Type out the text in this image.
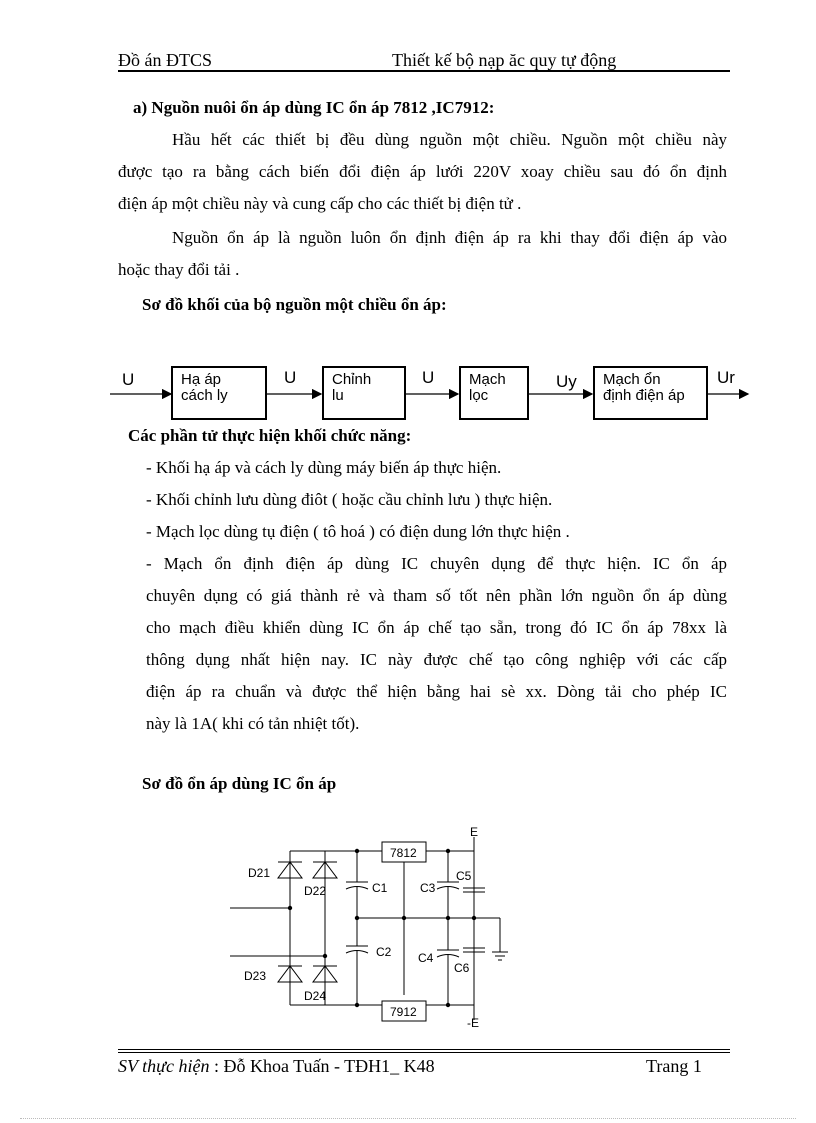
Đồ án ĐTCS	Thiết kế bộ nạp ăc quy tự động
a) Nguồn nuôi ổn áp dùng IC ổn áp 7812 ,IC7912:
Hầu hết các thiết bị đều dùng nguồn một chiều. Nguồn một chiều này
được tạo ra bằng cách biến đổi điện áp lưới 220V xoay chiều sau đó ổn định
điện áp một chiều này và cung cấp cho các thiết bị điện tử .
Nguồn ổn áp là nguồn luôn ổn định điện áp ra khi thay đổi điện áp vào
hoặc thay đổi tải .
Sơ đồ khối của bộ nguồn một chiều ổn áp:
U	Hạ áp
cách ly
U Chỉnh
lu
U Mạch
lọc
Uy Mạch ổn
định điện áp
Ur
Các phần tử thực hiện khối chức năng:
- Khối hạ áp và cách ly dùng máy biến áp thực hiện.
- Khối chỉnh lưu dùng điôt ( hoặc cầu chỉnh lưu ) thực hiện.
- Mạch lọc dùng tụ điện ( tô hoá ) có điện dung lớn thực hiện .
- Mạch ổn định điện áp dùng IC chuyên dụng để thực hiện. IC ổn áp
chuyên dụng có giá thành rẻ và tham số tốt nên phần lớn nguồn ổn áp dùng
cho mạch điều khiển dùng IC ổn áp chế tạo sẵn, trong đó IC ổn áp 78xx là
thông dụng nhất hiện nay. IC này được chế tạo công nghiệp với các cấp
điện áp ra chuẩn và được thể hiện bằng hai sè xx. Dòng tải cho phép IC
này là 1A( khi có tản nhiệt tốt).
Sơ đồ ổn áp dùng IC ổn áp
7812
7912
E
-E
D21
D22
D23
D24
C1
C2
C3
C5
C4
C6
SV thực hiện : Đỗ Khoa Tuấn - TĐH1_ K48	Trang 1
